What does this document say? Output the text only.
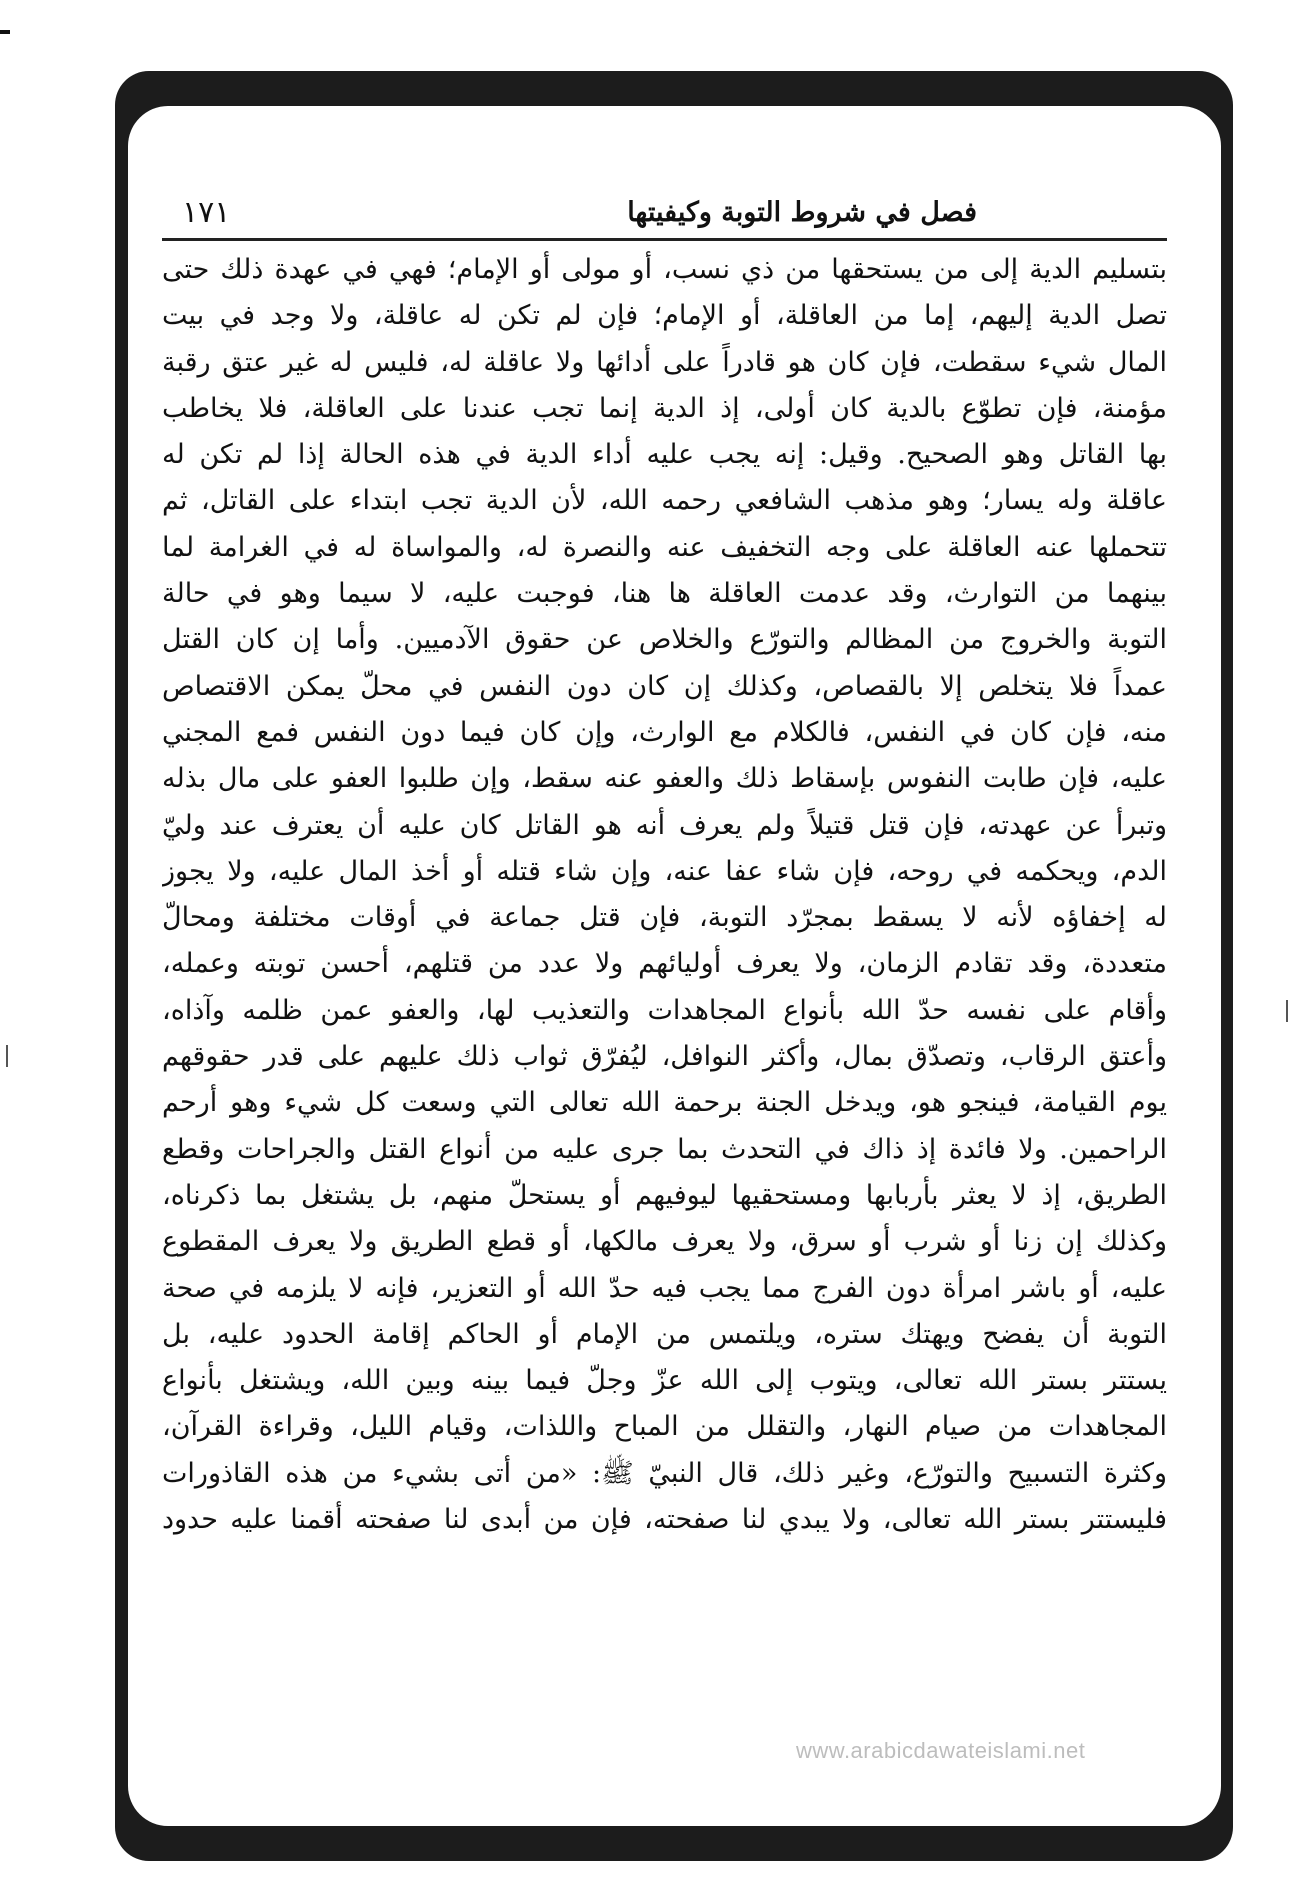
فصل في شروط التوبة وكيفيتها
١٧١
بتسليم الدية إلى من يستحقها من ذي نسب، أو مولى أو الإمام؛ فهي في عهدة ذلك حتى
تصل الدية إليهم، إما من العاقلة، أو الإمام؛ فإن لم تكن له عاقلة، ولا وجد في بيت
المال شيء سقطت، فإن كان هو قادراً على أدائها ولا عاقلة له، فليس له غير عتق رقبة
مؤمنة، فإن تطوّع بالدية كان أولى، إذ الدية إنما تجب عندنا على العاقلة، فلا يخاطب
بها القاتل وهو الصحيح. وقيل: إنه يجب عليه أداء الدية في هذه الحالة إذا لم تكن له
عاقلة وله يسار؛ وهو مذهب الشافعي رحمه الله، لأن الدية تجب ابتداء على القاتل، ثم
تتحملها عنه العاقلة على وجه التخفيف عنه والنصرة له، والمواساة له في الغرامة لما
بينهما من التوارث، وقد عدمت العاقلة ها هنا، فوجبت عليه، لا سيما وهو في حالة
التوبة والخروج من المظالم والتورّع والخلاص عن حقوق الآدميين. وأما إن كان القتل
عمداً فلا يتخلص إلا بالقصاص، وكذلك إن كان دون النفس في محلّ يمكن الاقتصاص
منه، فإن كان في النفس، فالكلام مع الوارث، وإن كان فيما دون النفس فمع المجني
عليه، فإن طابت النفوس بإسقاط ذلك والعفو عنه سقط، وإن طلبوا العفو على مال بذله
وتبرأ عن عهدته، فإن قتل قتيلاً ولم يعرف أنه هو القاتل كان عليه أن يعترف عند وليّ
الدم، ويحكمه في روحه، فإن شاء عفا عنه، وإن شاء قتله أو أخذ المال عليه، ولا يجوز
له إخفاؤه لأنه لا يسقط بمجرّد التوبة، فإن قتل جماعة في أوقات مختلفة ومحالّ
متعددة، وقد تقادم الزمان، ولا يعرف أوليائهم ولا عدد من قتلهم، أحسن توبته وعمله،
وأقام على نفسه حدّ الله بأنواع المجاهدات والتعذيب لها، والعفو عمن ظلمه وآذاه،
وأعتق الرقاب، وتصدّق بمال، وأكثر النوافل، ليُفرّق ثواب ذلك عليهم على قدر حقوقهم
يوم القيامة، فينجو هو، ويدخل الجنة برحمة الله تعالى التي وسعت كل شيء وهو أرحم
الراحمين. ولا فائدة إذ ذاك في التحدث بما جرى عليه من أنواع القتل والجراحات وقطع
الطريق، إذ لا يعثر بأربابها ومستحقيها ليوفيهم أو يستحلّ منهم، بل يشتغل بما ذكرناه،
وكذلك إن زنا أو شرب أو سرق، ولا يعرف مالكها، أو قطع الطريق ولا يعرف المقطوع
عليه، أو باشر امرأة دون الفرج مما يجب فيه حدّ الله أو التعزير، فإنه لا يلزمه في صحة
التوبة أن يفضح ويهتك ستره، ويلتمس من الإمام أو الحاكم إقامة الحدود عليه، بل
يستتر بستر الله تعالى، ويتوب إلى الله عزّ وجلّ فيما بينه وبين الله، ويشتغل بأنواع
المجاهدات من صيام النهار، والتقلل من المباح واللذات، وقيام الليل، وقراءة القرآن،
وكثرة التسبيح والتورّع، وغير ذلك، قال النبيّ ﷺ: «من أتى بشيء من هذه القاذورات
فليستتر بستر الله تعالى، ولا يبدي لنا صفحته، فإن من أبدى لنا صفحته أقمنا عليه حدود
www.arabicdawateislami.net
